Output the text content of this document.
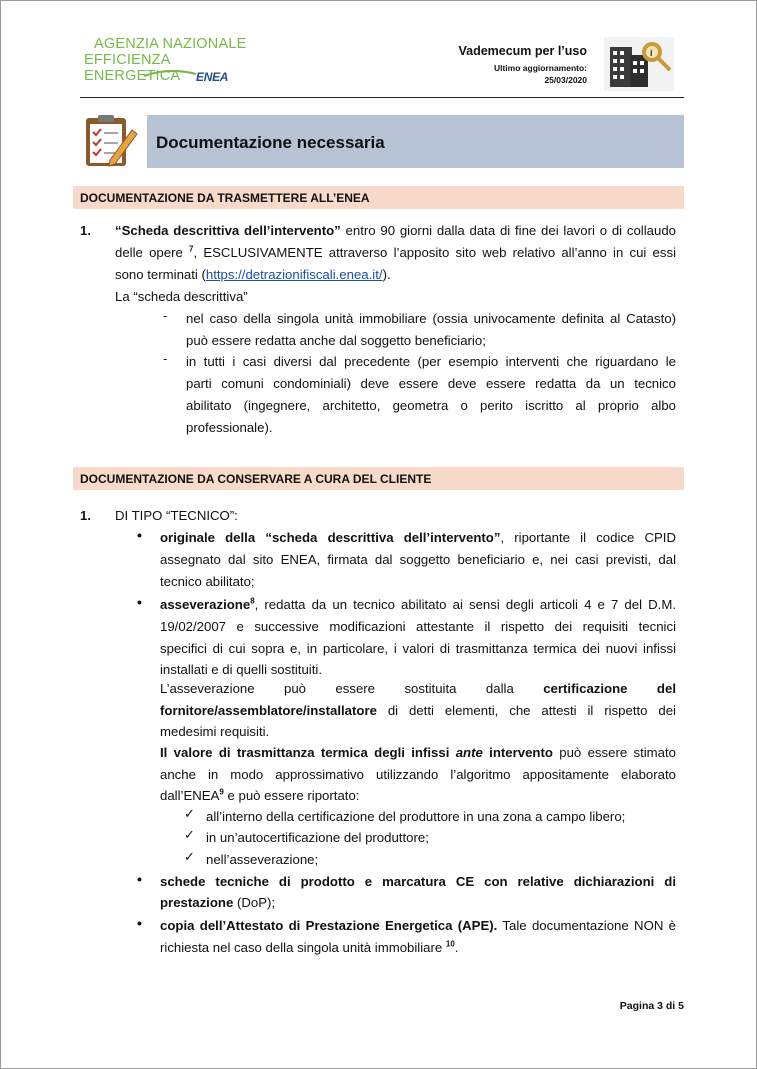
AGENZIA NAZIONALE
EFFICIENZA ENERGETICA	ENEA
Vademecum per l’uso
Ultimo aggiornamento:
25/03/2020
i
Documentazione necessaria
DOCUMENTAZIONE DA TRASMETTERE ALL’ENEA
1. “Scheda descrittiva dell’intervento” entro 90 giorni dalla data di fine dei lavori o di collaudo
delle opere $^7$, ESCLUSIVAMENTE attraverso l’apposito sito web relativo all’anno in cui essi
sono terminati (https://detrazionifiscali.enea.it/).
La “scheda descrittiva”
- nel caso della singola unità immobiliare (ossia univocamente definita al Catasto)
può essere redatta anche dal soggetto beneficiario;
- in tutti i casi diversi dal precedente (per esempio interventi che riguardano le
parti comuni condominiali) deve essere deve essere redatta da un tecnico
abilitato (ingegnere, architetto, geometra o perito iscritto al proprio albo
professionale).
DOCUMENTAZIONE DA CONSERVARE A CURA DEL CLIENTE
1. DI TIPO “TECNICO”:
• originale della “scheda descrittiva dell’intervento”, riportante il codice CPID
assegnato dal sito ENEA, firmata dal soggetto beneficiario e, nei casi previsti, dal
tecnico abilitato;
• asseverazione$^8$, redatta da un tecnico abilitato ai sensi degli articoli 4 e 7 del D.M.
19/02/2007 e successive modificazioni attestante il rispetto dei requisiti tecnici
specifici di cui sopra e, in particolare, i valori di trasmittanza termica dei nuovi infissi
installati e di quelli sostituiti.
L’asseverazione può essere sostituita dalla certificazione del
fornitore/assemblatore/installatore di detti elementi, che attesti il rispetto dei
medesimi requisiti.
Il valore di trasmittanza termica degli infissi ante intervento può essere stimato
anche in modo approssimativo utilizzando l’algoritmo appositamente elaborato
dall’ENEA$^9$ e può essere riportato:
✓ all’interno della certificazione del produttore in una zona a campo libero;
✓ in un’autocertificazione del produttore;
✓ nell’asseverazione;
• schede tecniche di prodotto e marcatura CE con relative dichiarazioni di
prestazione (DoP);
• copia dell’Attestato di Prestazione Energetica (APE). Tale documentazione NON è
richiesta nel caso della singola unità immobiliare $^{10}$.
Pagina 3 di 5
